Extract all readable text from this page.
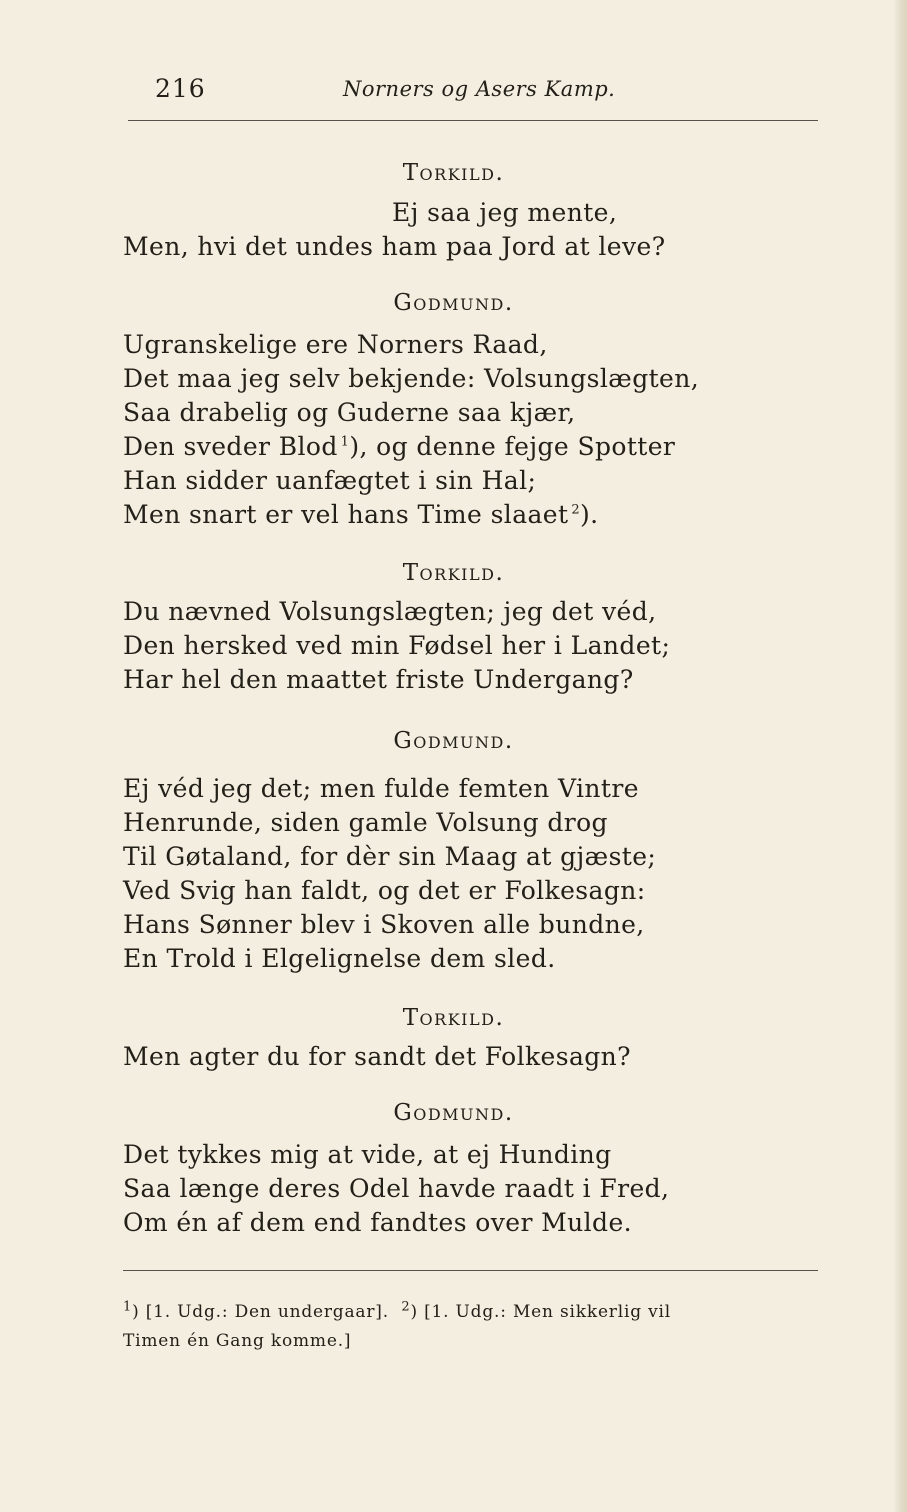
216	Norners og Asers Kamp.
Torkild.
Ej saa jeg mente,
Men, hvi det undes ham paa Jord at leve?
Godmund.
Ugranskelige ere Norners Raad,
Det maa jeg selv bekjende: Volsungslægten,
Saa drabelig og Guderne saa kjær,
Den sveder Blod  $^1$), og denne fejge Spotter
Han sidder uanfægtet i sin Hal;
Men snart er vel hans Time slaaet  $^2$).
Torkild.
Du nævned Volsungslægten; jeg det véd,
Den hersked ved min Fødsel her i Landet;
Har hel den maattet friste Undergang?
Godmund.
Ej véd jeg det; men fulde femten Vintre
Henrunde, siden gamle Volsung drog
Til Gøtaland, for dèr sin Maag at gjæste;
Ved Svig han faldt, og det er Folkesagn:
Hans Sønner blev i Skoven alle bundne,
En Trold i Elgelignelse dem sled.
Torkild.
Men agter du for sandt det Folkesagn?
Godmund.
Det tykkes mig at vide, at ej Hunding
Saa længe deres Odel havde raadt i Fred,
Om én af dem end fandtes over Mulde.
$^1$) [1. Udg.: Den undergaar]. $^2$) [1. Udg.: Men sikkerlig vil
Timen én Gang komme.]
